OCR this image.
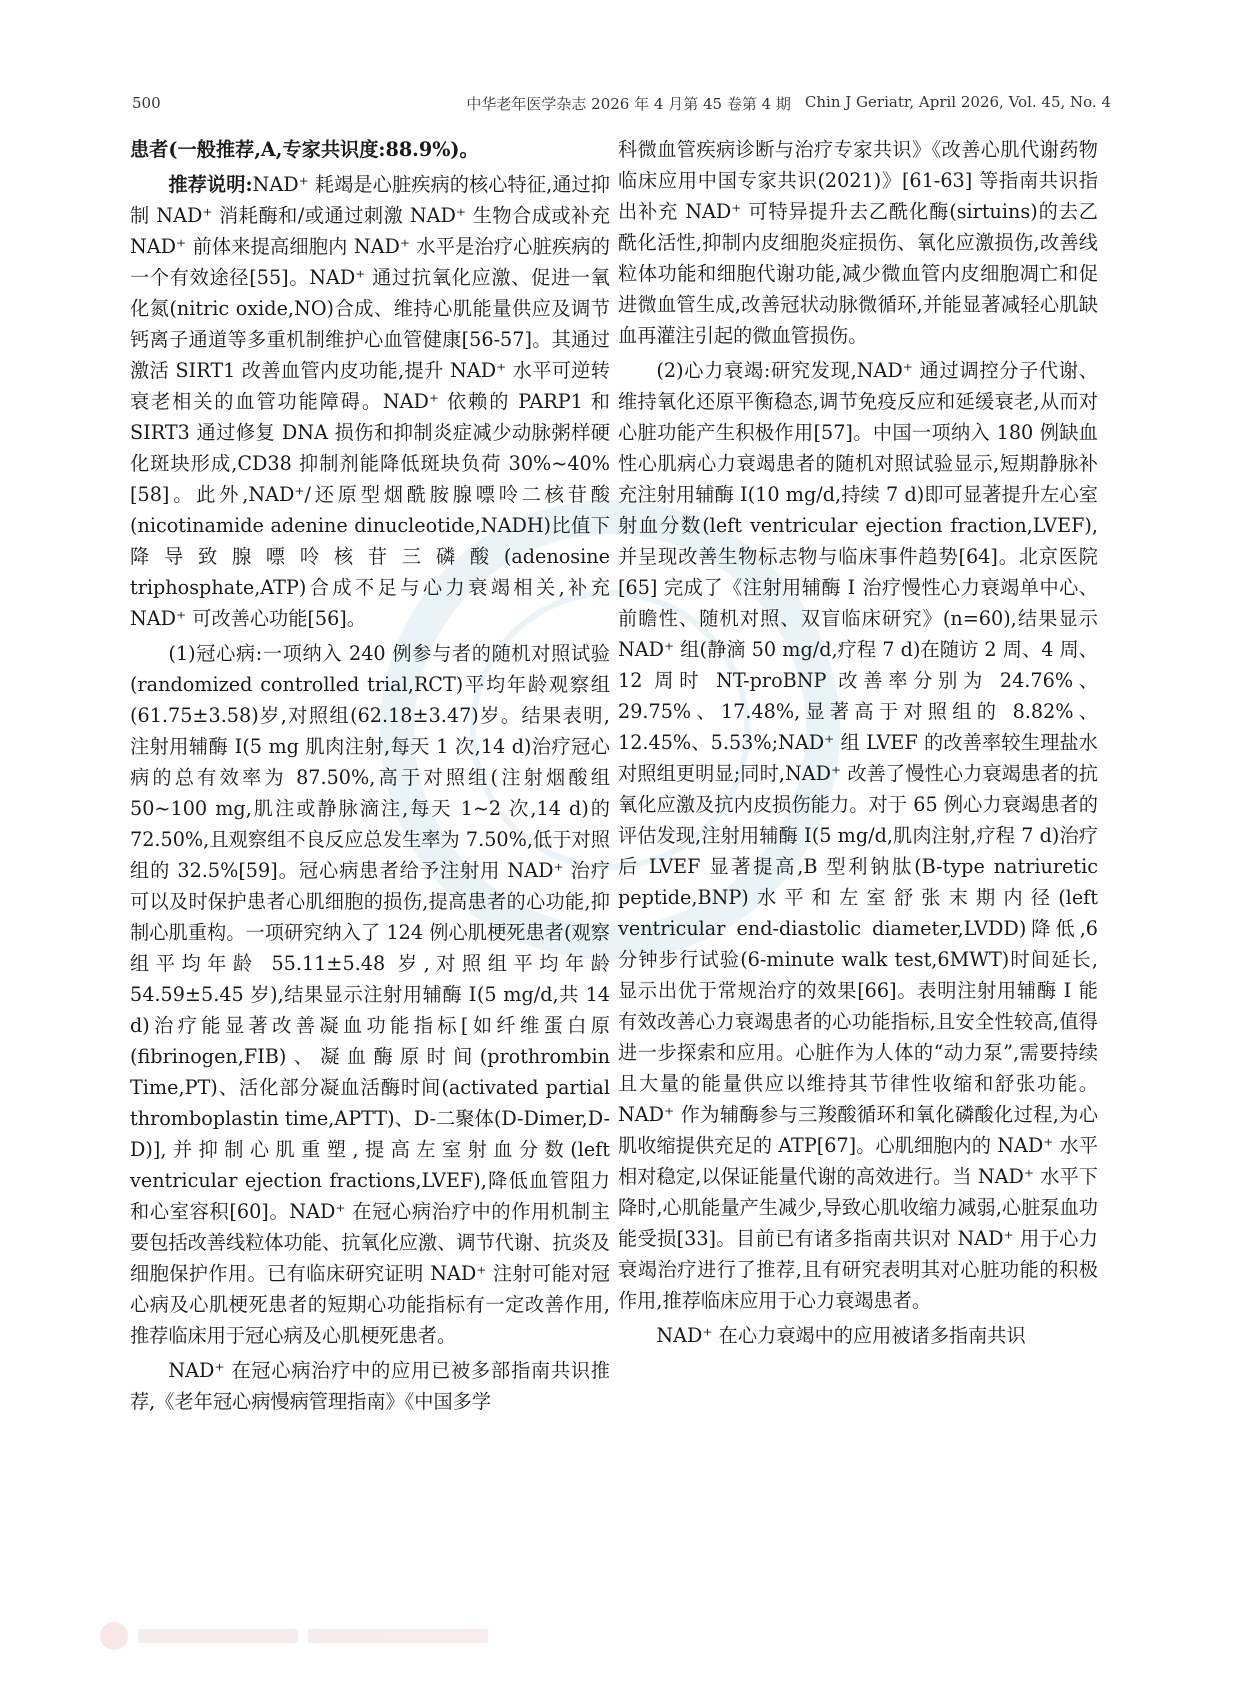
500	中华老年医学杂志 2026 年 4 月第 45 卷第 4 期 Chin J Geriatr, April 2026, Vol. 45, No. 4

患者(一般推荐,A,专家共识度:88.9%)。

推荐说明:NAD⁺ 耗竭是心脏疾病的核心特征,通过抑制 NAD⁺ 消耗酶和/或通过刺激 NAD⁺ 生物合成或补充 NAD⁺ 前体来提高细胞内 NAD⁺ 水平是治疗心脏疾病的一个有效途径[55]。NAD⁺ 通过抗氧化应激、促进一氧化氮(nitric oxide,NO)合成、维持心肌能量供应及调节钙离子通道等多重机制维护心血管健康[56-57]。其通过激活 SIRT1 改善血管内皮功能,提升 NAD⁺ 水平可逆转衰老相关的血管功能障碍。NAD⁺ 依赖的 PARP1 和 SIRT3 通过修复 DNA 损伤和抑制炎症减少动脉粥样硬化斑块形成,CD38 抑制剂能降低斑块负荷 30%~40%[58]。此外,NAD⁺/还原型烟酰胺腺嘌呤二核苷酸(nicotinamide adenine dinucleotide,NADH)比值下降导致腺嘌呤核苷三磷酸(adenosine triphosphate,ATP)合成不足与心力衰竭相关,补充 NAD⁺ 可改善心功能[56]。

(1)冠心病:一项纳入 240 例参与者的随机对照试验(randomized controlled trial,RCT)平均年龄观察组(61.75±3.58)岁,对照组(62.18±3.47)岁。结果表明,注射用辅酶 I(5 mg 肌肉注射,每天 1 次,14 d)治疗冠心病的总有效率为 87.50%,高于对照组(注射烟酸组 50~100 mg,肌注或静脉滴注,每天 1~2 次,14 d)的 72.50%,且观察组不良反应总发生率为 7.50%,低于对照组的 32.5%[59]。冠心病患者给予注射用 NAD⁺ 治疗可以及时保护患者心肌细胞的损伤,提高患者的心功能,抑制心肌重构。一项研究纳入了 124 例心肌梗死患者(观察组平均年龄 55.11±5.48 岁,对照组平均年龄 54.59±5.45 岁),结果显示注射用辅酶 Ⅰ(5 mg/d,共 14 d)治疗能显著改善凝血功能指标[如纤维蛋白原(fibrinogen,FIB)、凝血酶原时间(prothrombin Time,PT)、活化部分凝血活酶时间(activated partial thromboplastin time,APTT)、D-二聚体(D-Dimer,D-D)],并抑制心肌重塑,提高左室射血分数(left ventricular ejection fractions,LVEF),降低血管阻力和心室容积[60]。NAD⁺ 在冠心病治疗中的作用机制主要包括改善线粒体功能、抗氧化应激、调节代谢、抗炎及细胞保护作用。已有临床研究证明 NAD⁺ 注射可能对冠心病及心肌梗死患者的短期心功能指标有一定改善作用,推荐临床用于冠心病及心肌梗死患者。

NAD⁺ 在冠心病治疗中的应用已被多部指南共识推荐,《老年冠心病慢病管理指南》《中国多学

科微血管疾病诊断与治疗专家共识》《改善心肌代谢药物临床应用中国专家共识(2021)》[61-63] 等指南共识指出补充 NAD⁺ 可特异提升去乙酰化酶(sirtuins)的去乙酰化活性,抑制内皮细胞炎症损伤、氧化应激损伤,改善线粒体功能和细胞代谢功能,减少微血管内皮细胞凋亡和促进微血管生成,改善冠状动脉微循环,并能显著减轻心肌缺血再灌注引起的微血管损伤。

(2)心力衰竭:研究发现,NAD⁺ 通过调控分子代谢、维持氧化还原平衡稳态,调节免疫反应和延缓衰老,从而对心脏功能产生积极作用[57]。中国一项纳入 180 例缺血性心肌病心力衰竭患者的随机对照试验显示,短期静脉补充注射用辅酶 I(10 mg/d,持续 7 d)即可显著提升左心室射血分数(left ventricular ejection fraction,LVEF),并呈现改善生物标志物与临床事件趋势[64]。北京医院[65] 完成了《注射用辅酶 Ⅰ 治疗慢性心力衰竭单中心、前瞻性、随机对照、双盲临床研究》(n=60),结果显示 NAD⁺ 组(静滴 50 mg/d,疗程 7 d)在随访 2 周、4 周、12 周时 NT-proBNP 改善率分别为 24.76%、29.75%、17.48%,显著高于对照组的 8.82%、12.45%、5.53%;NAD⁺ 组 LVEF 的改善率较生理盐水对照组更明显;同时,NAD⁺ 改善了慢性心力衰竭患者的抗氧化应激及抗内皮损伤能力。对于 65 例心力衰竭患者的评估发现,注射用辅酶 Ⅰ(5 mg/d,肌肉注射,疗程 7 d)治疗后 LVEF 显著提高,B 型利钠肽(B-type natriuretic peptide,BNP)水平和左室舒张末期内径(left ventricular end-diastolic diameter,LVDD)降低,6 分钟步行试验(6-minute walk test,6MWT)时间延长,显示出优于常规治疗的效果[66]。表明注射用辅酶 Ⅰ 能有效改善心力衰竭患者的心功能指标,且安全性较高,值得进一步探索和应用。心脏作为人体的“动力泵”,需要持续且大量的能量供应以维持其节律性收缩和舒张功能。NAD⁺ 作为辅酶参与三羧酸循环和氧化磷酸化过程,为心肌收缩提供充足的 ATP[67]。心肌细胞内的 NAD⁺ 水平相对稳定,以保证能量代谢的高效进行。当 NAD⁺ 水平下降时,心肌能量产生减少,导致心肌收缩力减弱,心脏泵血功能受损[33]。目前已有诸多指南共识对 NAD⁺ 用于心力衰竭治疗进行了推荐,且有研究表明其对心脏功能的积极作用,推荐临床应用于心力衰竭患者。

NAD⁺ 在心力衰竭中的应用被诸多指南共识
